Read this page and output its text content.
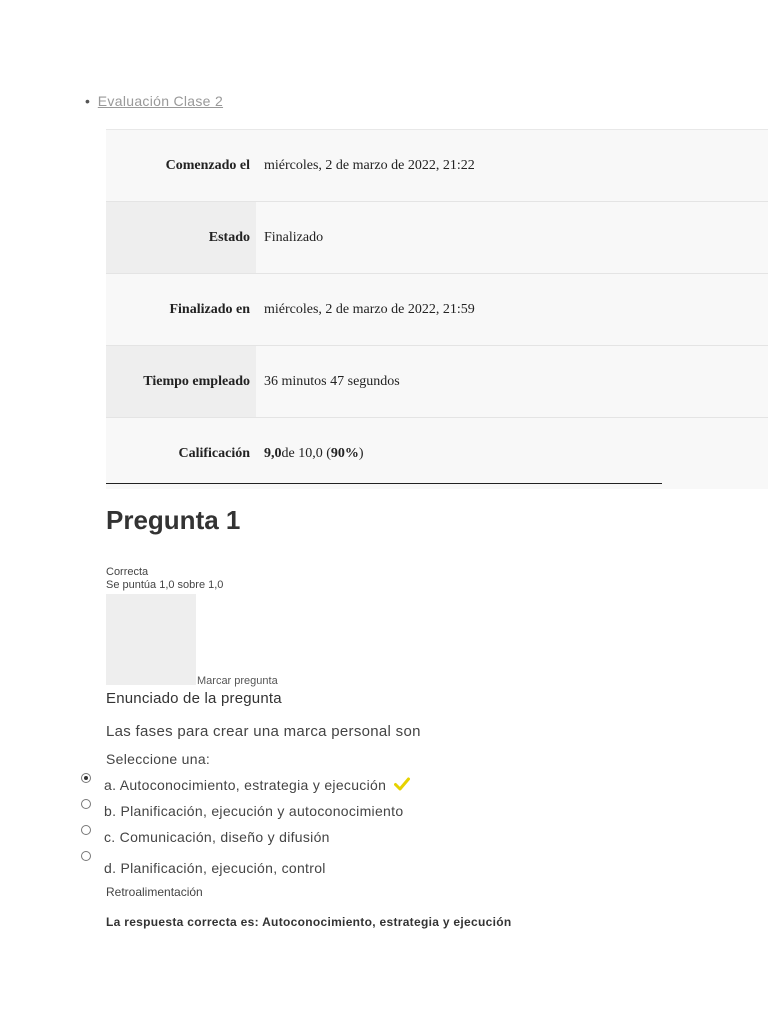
• Evaluación Clase 2
Comenzado el	miércoles, 2 de marzo de 2022, 21:22
Estado	Finalizado
Finalizado en	miércoles, 2 de marzo de 2022, 21:59
Tiempo empleado	36 minutos 47 segundos
Calificación	9,0 de 10,0 ( 90% )
Pregunta 1
Correcta
Se puntúa 1,0 sobre 1,0
Marcar pregunta
Enunciado de la pregunta
Las fases para crear una marca personal son
Seleccione una:
a. Autoconocimiento, estrategia y ejecución
b. Planificación, ejecución y autoconocimiento
c. Comunicación, diseño y difusión
d. Planificación, ejecución, control
Retroalimentación
La respuesta correcta es: Autoconocimiento, estrategia y ejecución
